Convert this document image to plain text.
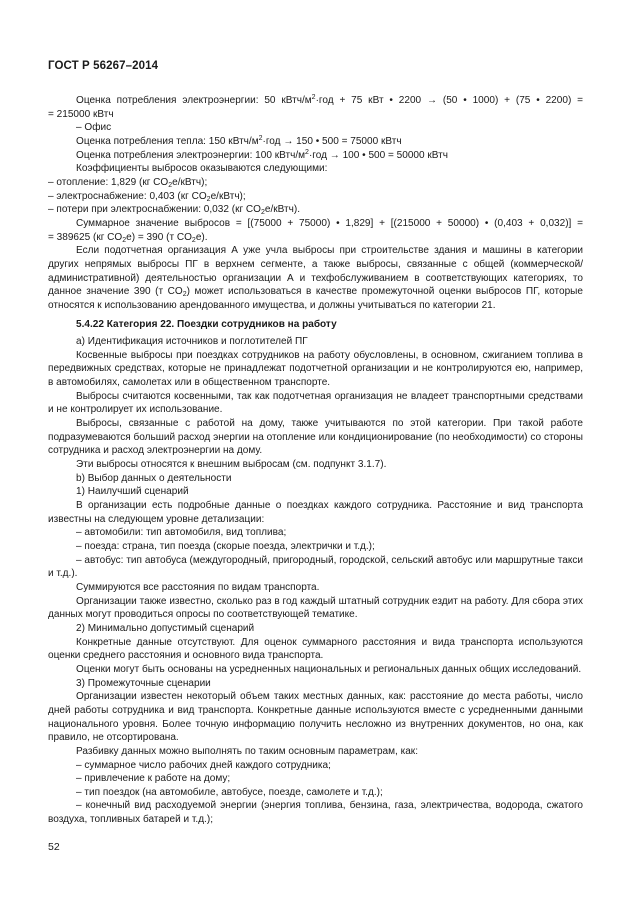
ГОСТ Р 56267–2014

Оценка потребления электроэнергии: 50 кВтч/$м^2\cdot год + 75$ кВт • 2200 → (50 • 1000) + (75 • 2200) =

= 215000 кВтч

– Офис

Оценка потребления тепла: 150 кВтч/$м^2\cdot год \to 150$ • 500 = 75000 кВтч

Оценка потребления электроэнергии: 100 кВтч/$м^2\cdot год \to 100$ • 500 = 50000 кВтч

Коэффициенты выбросов оказываются следующими:

– отопление: 1,829 (кг $CO_2е/кВтч$);

– электроснабжение: 0,403 (кг $CO_2е/кВтч$);

– потери при электроснабжении: 0,032 (кг $CO_2е/кВтч$).

Суммарное значение выбросов = [(75000 + 75000) • 1,829] + [(215000 + 50000) • (0,403 + 0,032)] =

= 389625 (кг $CO_2е) = 390$ (т $CO_2е$).

Если подотчетная организация А уже учла выбросы при строительстве здания и машины в категории других непрямых выбросы ПГ в верхнем сегменте, а также выбросы, связанные с общей (коммерческой/административной) деятельностью организации А и техфобслуживанием в соответствующих категориях, то данное значение 390 (т $CO_2$) может использоваться в качестве промежуточной оценки выбросов ПГ, которые относятся к использованию арендованного имущества, и должны учитываться по категории 21.

5.4.22 Категория 22. Поездки сотрудников на работу

а) Идентификация источников и поглотителей ПГ

Косвенные выбросы при поездках сотрудников на работу обусловлены, в основном, сжиганием топлива в передвижных средствах, которые не принадлежат подотчетной организации и не контролируются ею, например, в автомобилях, самолетах или в общественном транспорте.

Выбросы считаются косвенными, так как подотчетная организация не владеет транспортными средствами и не контролирует их использование.

Выбросы, связанные с работой на дому, также учитываются по этой категории. При такой работе подразумеваются больший расход энергии на отопление или кондиционирование (по необходимости) со стороны сотрудника и расход электроэнергии на дому.

Эти выбросы относятся к внешним выбросам (см. подпункт 3.1.7).

b) Выбор данных о деятельности

1) Наилучший сценарий

В организации есть подробные данные о поездках каждого сотрудника. Расстояние и вид транспорта известны на следующем уровне детализации:

– автомобили: тип автомобиля, вид топлива;

– поезда: страна, тип поезда (скорые поезда, электрички и т.д.);

– автобус: тип автобуса (междугородный, пригородный, городской, сельский автобус или маршрутные такси и т.д.).

Суммируются все расстояния по видам транспорта.

Организации также известно, сколько раз в год каждый штатный сотрудник ездит на работу. Для сбора этих данных могут проводиться опросы по соответствующей тематике.

2) Минимально допустимый сценарий

Конкретные данные отсутствуют. Для оценок суммарного расстояния и вида транспорта используются оценки среднего расстояния и основного вида транспорта.

Оценки могут быть основаны на усредненных национальных и региональных данных общих исследований.

3) Промежуточные сценарии

Организации известен некоторый объем таких местных данных, как: расстояние до места работы, число дней работы сотрудника и вид транспорта. Конкретные данные используются вместе с усредненными данными национального уровня. Более точную информацию получить несложно из внутренних документов, но она, как правило, не отсортирована.

Разбивку данных можно выполнять по таким основным параметрам, как:

– суммарное число рабочих дней каждого сотрудника;

– привлечение к работе на дому;

– тип поездок (на автомобиле, автобусе, поезде, самолете и т.д.);

– конечный вид расходуемой энергии (энергия топлива, бензина, газа, электричества, водорода, сжатого воздуха, топливных батарей и т.д.);

52
